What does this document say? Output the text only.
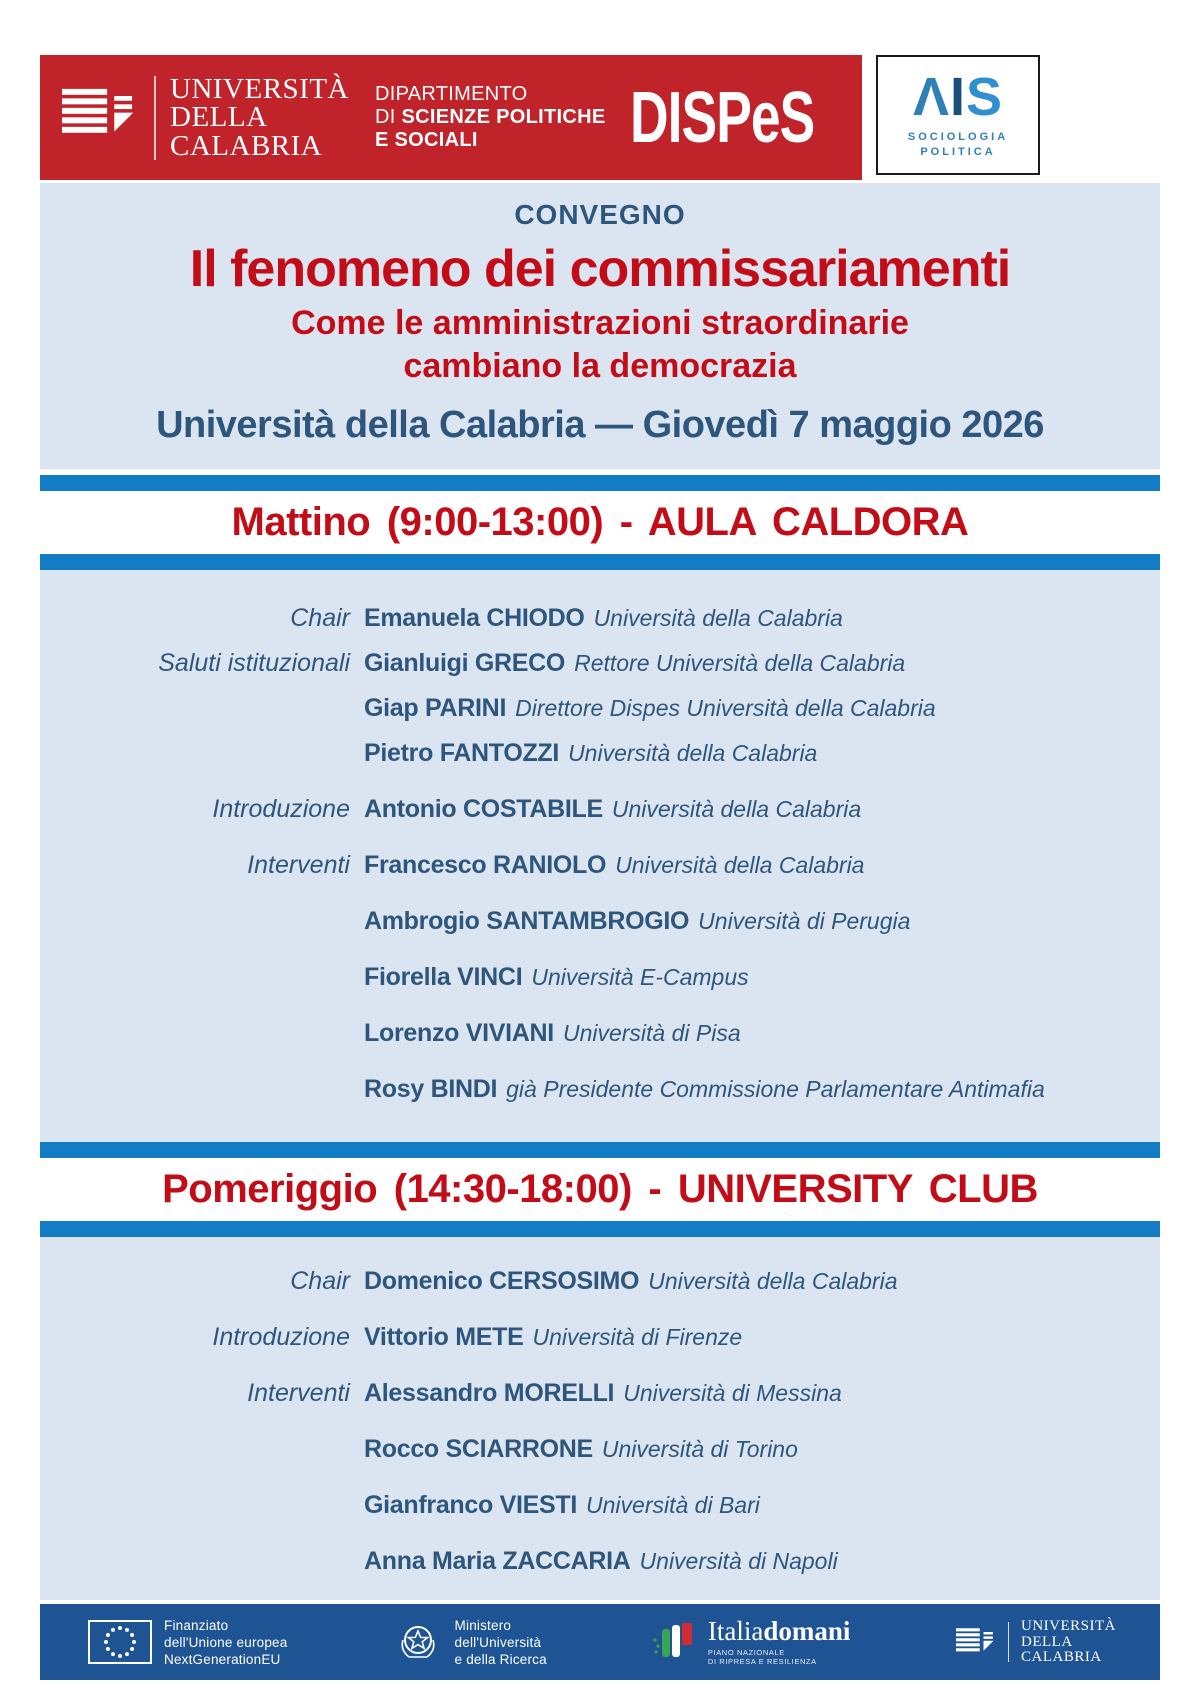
UNIVERSITÀ
DELLA
CALABRIA
DIPARTIMENTO
DI SCIENZE POLITICHE
E SOCIALI	DISPeS Λ I S
SOCIOLOGIA
POLITICA
CONVEGNO
Il fenomeno dei commissariamenti
Come le amministrazioni straordinarie
cambiano la democrazia
Università della Calabria — Giovedì 7 maggio 2026
Mattino (9:00-13:00) - AULA CALDORA
Chair Emanuela CHIODO Università della Calabria
Saluti istituzionali Gianluigi GRECO Rettore Università della Calabria
Giap PARINI Direttore Dispes Università della Calabria
Pietro FANTOZZI Università della Calabria
Introduzione Antonio COSTABILE Università della Calabria
Interventi Francesco RANIOLO Università della Calabria
Ambrogio SANTAMBROGIO Università di Perugia
Fiorella VINCI Università E-Campus
Lorenzo VIVIANI Università di Pisa
Rosy BINDI già Presidente Commissione Parlamentare Antimafia
Pomeriggio (14:30-18:00) - UNIVERSITY CLUB
Chair Domenico CERSOSIMO Università della Calabria
Introduzione Vittorio METE Università di Firenze
Interventi Alessandro MORELLI Università di Messina
Rocco SCIARRONE Università di Torino
Gianfranco VIESTI Università di Bari
Anna Maria ZACCARIA Università di Napoli
Finanziato
dell'Unione europea
NextGenerationEU
Ministero
dell'Università
e della Ricerca
Italiadomani
PIANO NAZIONALE
DI RIPRESA E RESILIENZA
UNIVERSITÀ
DELLA
CALABRIA
